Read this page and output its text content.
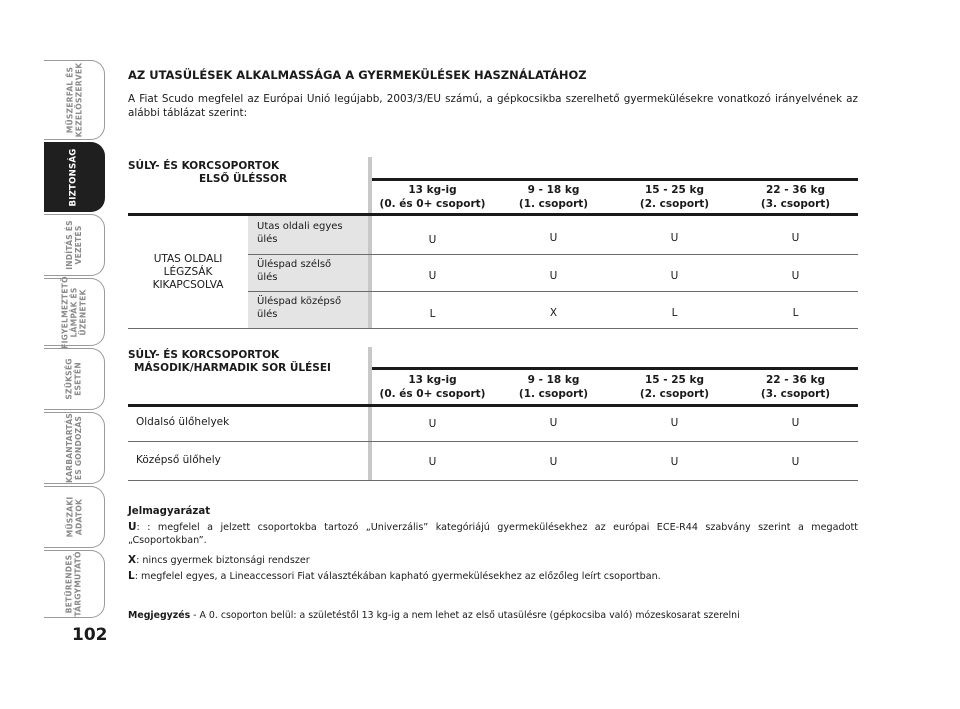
MŰSZERFAL ÉS
KEZELŐSZERVEK
BIZTONSÁG
INDÍTÁS ÉS
VEZETÉS
FIGYELMEZTETŐ
LÁMPÁK ÉS
ÜZENETEK
SZÜKSÉG
ESETÉN
KARBANTARTÁS
ÉS GONDOZÁS
MŰSZAKI
ADATOK
BETŰRENDES
TÁRGYMUTATÓ
102
AZ UTASÜLÉSEK ALKALMASSÁGA A GYERMEKÜLÉSEK HASZNÁLATÁHOZ
A Fiat Scudo megfelel az Európai Unió legújabb, 2003/3/EU számú, a gépkocsikba szerelhető gyermekülésekre vonatkozó irányelvének az alábbi táblázat szerint:
SÚLY- ÉS KORCSOPORTOK
ELSŐ ÜLÉSSOR
13 kg-ig
(0. és 0+ csoport)
9 - 18 kg
(1. csoport)
15 - 25 kg
(2. csoport)
22 - 36 kg
(3. csoport)
UTAS OLDALI
LÉGZSÁK
KIKAPCSOLVA
Utas oldali egyes
ülés	U	U	U	U
Üléspad szélső
ülés	U	U	U	U
Üléspad középső
ülés	L	X	L	L
SÚLY- ÉS KORCSOPORTOK
MÁSODIK/HARMADIK SOR ÜLÉSEI
13 kg-ig
(0. és 0+ csoport)
9 - 18 kg
(1. csoport)
15 - 25 kg
(2. csoport)
22 - 36 kg
(3. csoport)
Oldalsó ülőhelyek	U	U	U	U
Középső ülőhely	U	U	U	U
Jelmagyarázat
U: : megfelel a jelzett csoportokba tartozó „Univerzális” kategóriájú gyermekülésekhez az európai ECE-R44 szabvány szerint a megadott „Csoportokban”.
X: nincs gyermek biztonsági rendszer
L: megfelel egyes, a Lineaccessori Fiat választékában kapható gyermekülésekhez az előzőleg leírt csoportban.
Megjegyzés - A 0. csoporton belül: a születéstől 13 kg-ig a nem lehet az első utasülésre (gépkocsiba való) mózeskosarat szerelni
